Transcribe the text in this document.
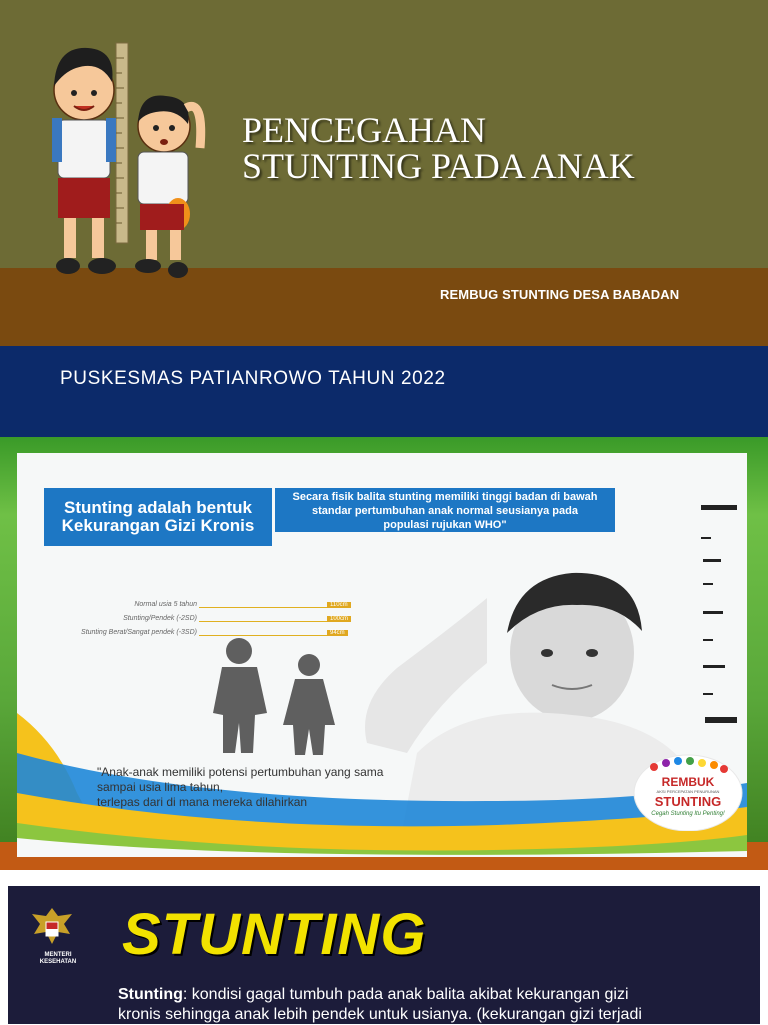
PENCEGAHAN
STUNTING PADA ANAK
REMBUG STUNTING DESA BABADAN
PUSKESMAS PATIANROWO TAHUN 2022
Stunting adalah bentuk
Kekurangan Gizi Kronis
Secara fisik balita stunting memiliki tinggi badan di bawah
standar pertumbuhan anak normal seusianya pada
populasi rujukan WHO"
Normal usia 5 tahun	110cm
Stunting/Pendek (-2SD)	100cm
Stunting Berat/Sangat pendek (-3SD)	94cm
"Anak-anak memiliki potensi pertumbuhan yang sama
sampai usia lima tahun,
terlepas dari di mana mereka dilahirkan
REMBUK
AKSI PERCEPATAN PENURUNAN
STUNTING
Cegah Stunting Itu Penting!
MENTERI KESEHATAN STUNTING
Stunting: kondisi gagal tumbuh pada anak balita akibat kekurangan gizi
kronis sehingga anak lebih pendek untuk usianya. (kekurangan gizi terjadi
